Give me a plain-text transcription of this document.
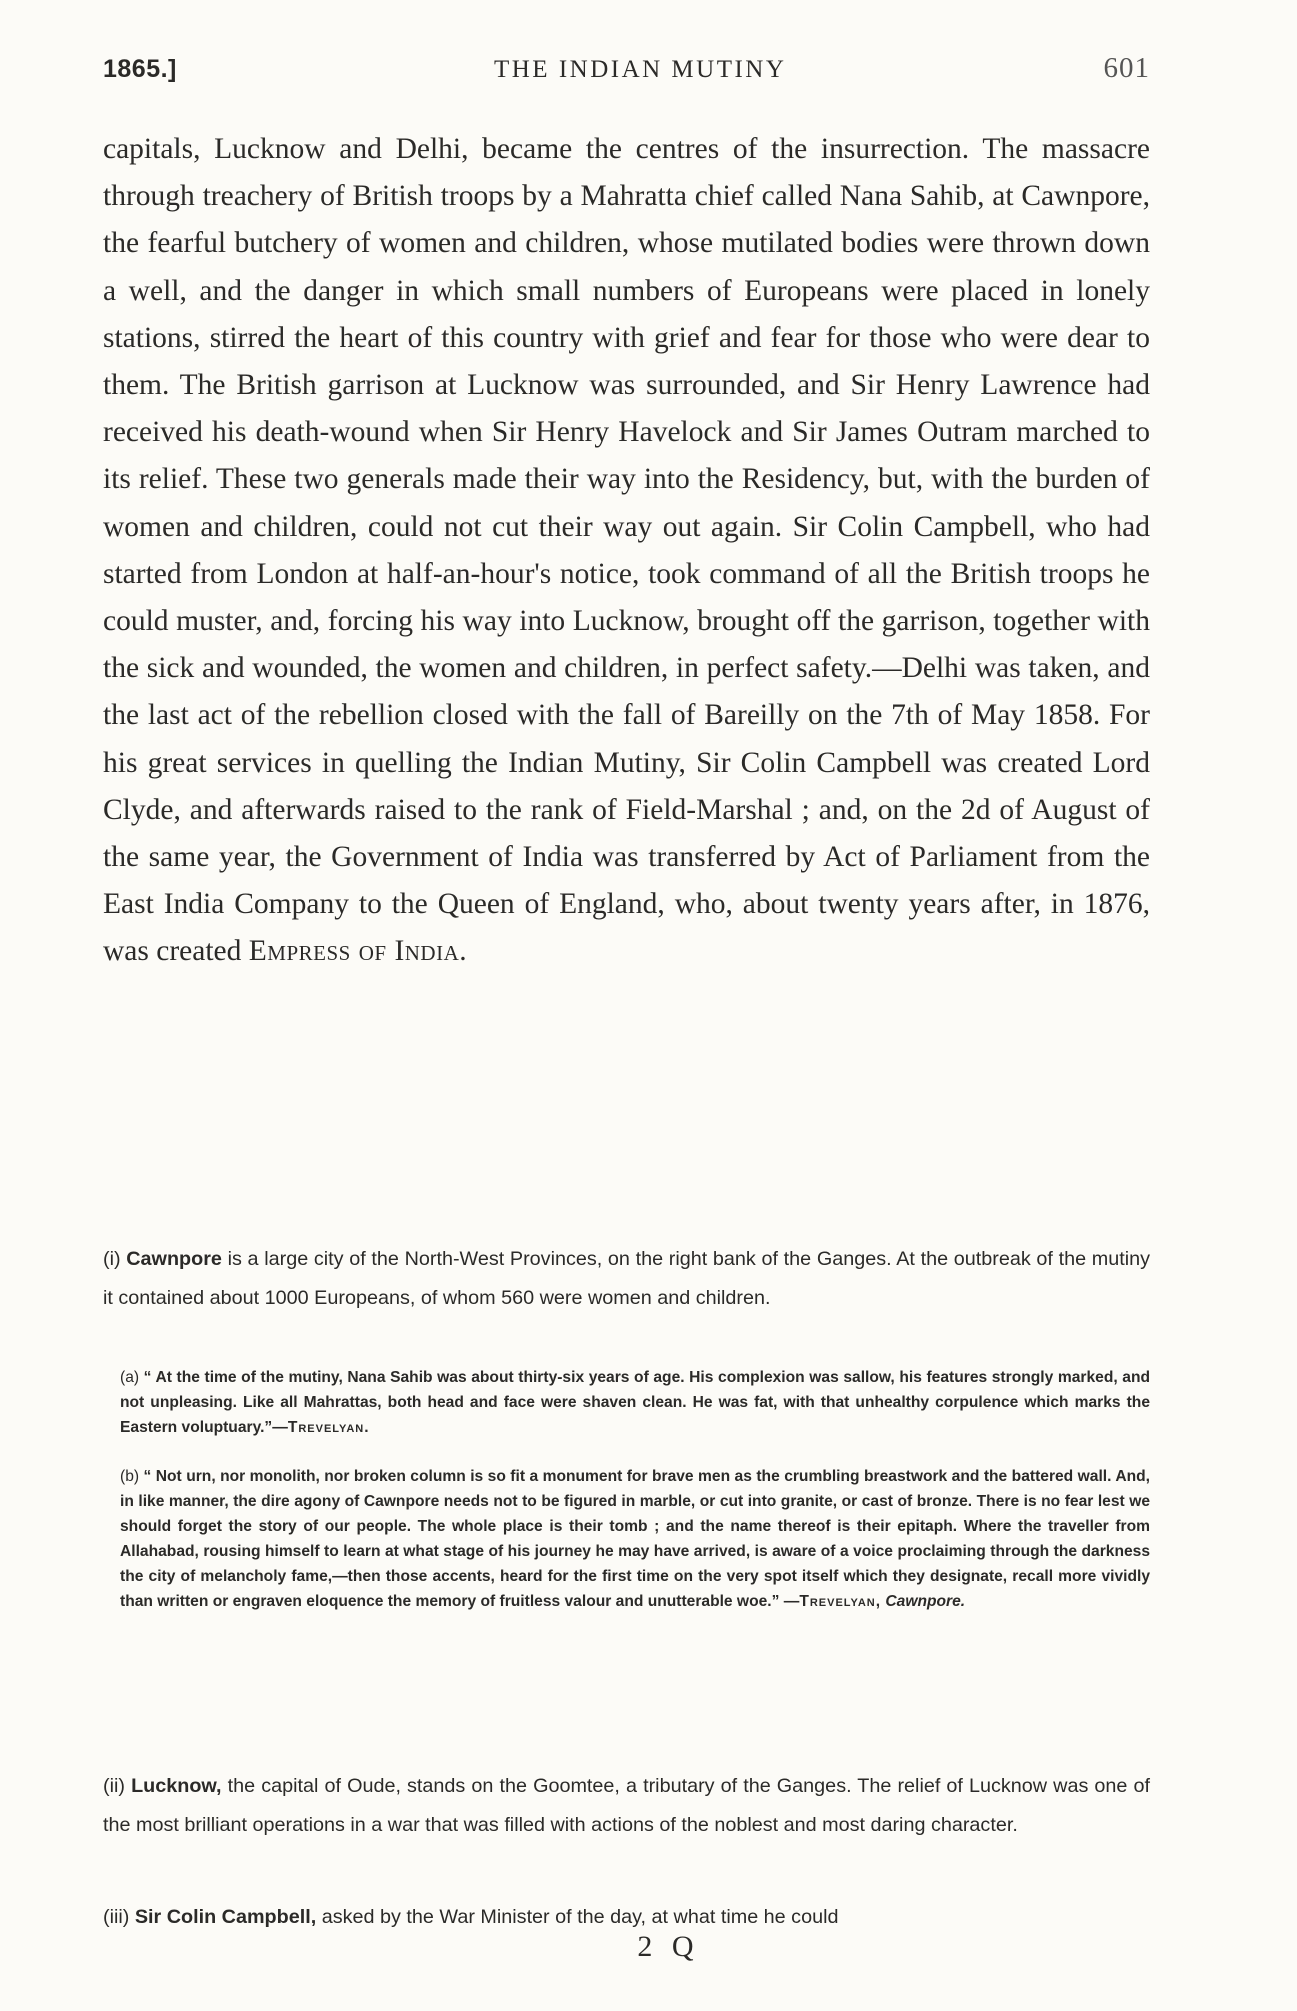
1865.]	THE INDIAN MUTINY	601

capitals, Lucknow and Delhi, became the centres of the insurrection. The massacre through treachery of British troops by a Mahratta chief called Nana Sahib, at Cawnpore, the fearful butchery of women and children, whose mutilated bodies were thrown down a well, and the danger in which small numbers of Europeans were placed in lonely stations, stirred the heart of this country with grief and fear for those who were dear to them. The British garrison at Lucknow was surrounded, and Sir Henry Lawrence had received his death-wound when Sir Henry Havelock and Sir James Outram marched to its relief. These two generals made their way into the Residency, but, with the burden of women and children, could not cut their way out again. Sir Colin Campbell, who had started from London at half-an-hour's notice, took command of all the British troops he could muster, and, forcing his way into Lucknow, brought off the garrison, together with the sick and wounded, the women and children, in perfect safety.—Delhi was taken, and the last act of the rebellion closed with the fall of Bareilly on the 7th of May 1858. For his great services in quelling the Indian Mutiny, Sir Colin Campbell was created Lord Clyde, and afterwards raised to the rank of Field-Marshal ; and, on the 2d of August of the same year, the Government of India was transferred by Act of Parliament from the East India Company to the Queen of England, who, about twenty years after, in 1876, was created Empress of India.

(i) Cawnpore is a large city of the North-West Provinces, on the right bank of the Ganges. At the outbreak of the mutiny it contained about 1000 Europeans, of whom 560 were women and children.

(a) “ At the time of the mutiny, Nana Sahib was about thirty-six years of age. His complexion was sallow, his features strongly marked, and not unpleasing. Like all Mahrattas, both head and face were shaven clean. He was fat, with that unhealthy corpulence which marks the Eastern voluptuary.”—Trevelyan.

(b) “ Not urn, nor monolith, nor broken column is so fit a monument for brave men as the crumbling breastwork and the battered wall. And, in like manner, the dire agony of Cawnpore needs not to be figured in marble, or cut into granite, or cast of bronze. There is no fear lest we should forget the story of our people. The whole place is their tomb ; and the name thereof is their epitaph. Where the traveller from Allahabad, rousing himself to learn at what stage of his journey he may have arrived, is aware of a voice proclaiming through the darkness the city of melancholy fame,—then those accents, heard for the first time on the very spot itself which they designate, recall more vividly than written or engraven eloquence the memory of fruitless valour and unutterable woe.” —Trevelyan, Cawnpore.

(ii) Lucknow, the capital of Oude, stands on the Goomtee, a tributary of the Ganges. The relief of Lucknow was one of the most brilliant operations in a war that was filled with actions of the noblest and most daring character.

(iii) Sir Colin Campbell, asked by the War Minister of the day, at what time he could

2 Q
